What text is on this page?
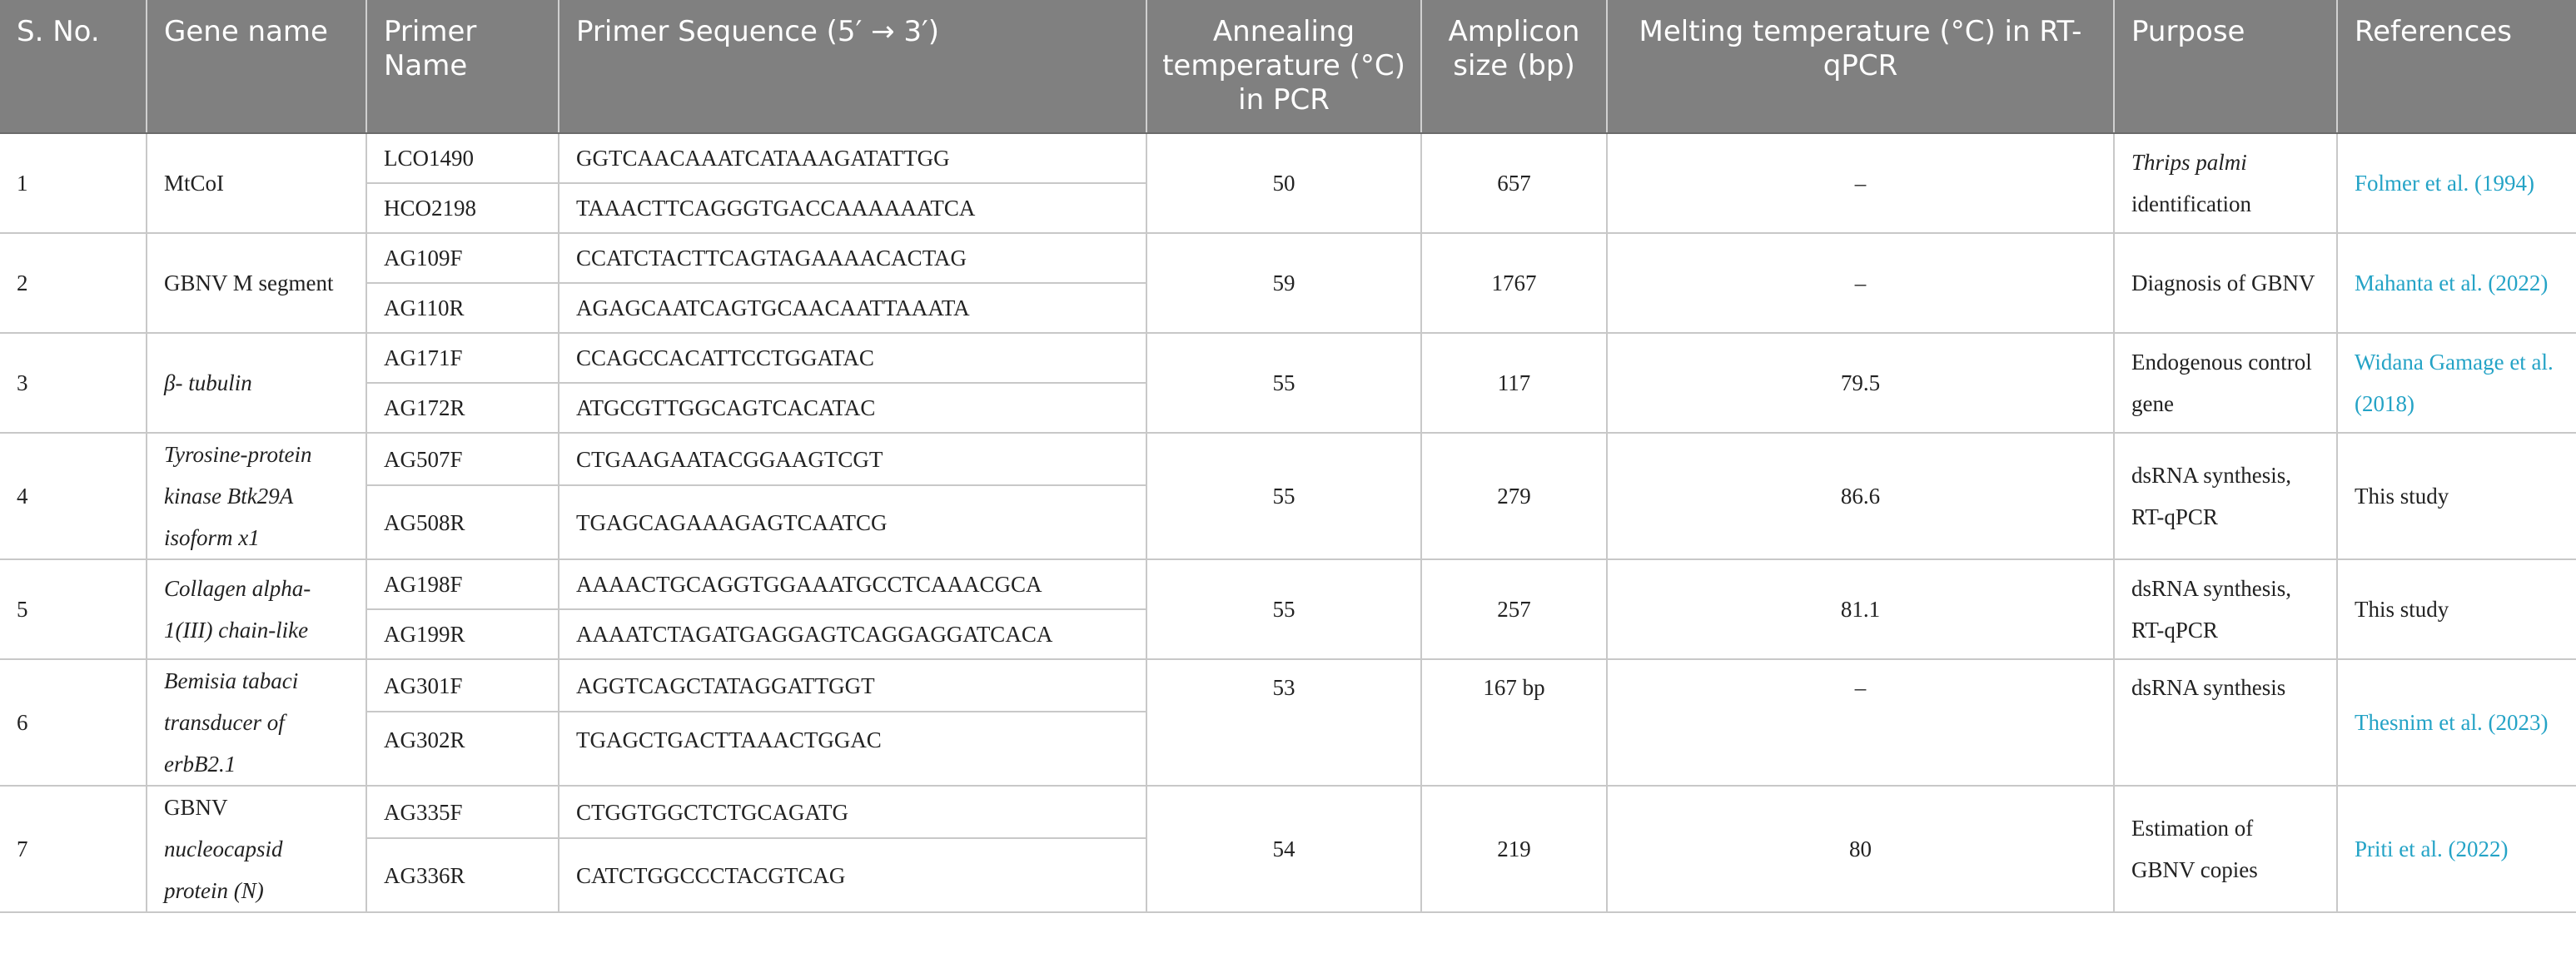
S. No.	Gene name	Primer Name	Primer Sequence (5′ → 3′)	Annealing temperature (°C) in PCR	Amplicon size (bp)	Melting temperature (°C) in RT-qPCR	Purpose	References
1	MtCoI	LCO1490	GGTCAACAAATCATAAAGATATTGG	50	657	–	Thrips palmi identification	Folmer et al. (1994)
		HCO2198	TAAACTTCAGGGTGACCAAAAAATCA					
2	GBNV M segment	AG109F	CCATCTACTTCAGTAGAAAACACTAG	59	1767	–	Diagnosis of GBNV	Mahanta et al. (2022)
		AG110R	AGAGCAATCAGTGCAACAATTAAATA					
3	β- tubulin	AG171F	CCAGCCACATTCCTGGATAC	55	117	79.5	Endogenous control gene	Widana Gamage et al. (2018)
		AG172R	ATGCGTTGGCAGTCACATAC					
4	Tyrosine-protein kinase Btk29A isoform x1	AG507F	CTGAAGAATACGGAAGTCGT	55	279	86.6	dsRNA synthesis, RT-qPCR	This study
		AG508R	TGAGCAGAAAGAGTCAATCG					
5	Collagen alpha-1(III) chain-like	AG198F	AAAACTGCAGGTGGAAATGCCTCAAACGCA	55	257	81.1	dsRNA synthesis, RT-qPCR	This study
		AG199R	AAAATCTAGATGAGGAGTCAGGAGGATCACA					
6	Bemisia tabaci transducer of erbB2.1	AG301F	AGGTCAGCTATAGGATTGGT	53	167 bp	–	dsRNA synthesis	Thesnim et al. (2023)
		AG302R	TGAGCTGACTTAAACTGGAC					
7	GBNV nucleocapsid protein (N)	AG335F	CTGGTGGCTCTGCAGATG	54	219	80	Estimation of GBNV copies	Priti et al. (2022)
		AG336R	CATCTGGCCCTACGTCAG					
